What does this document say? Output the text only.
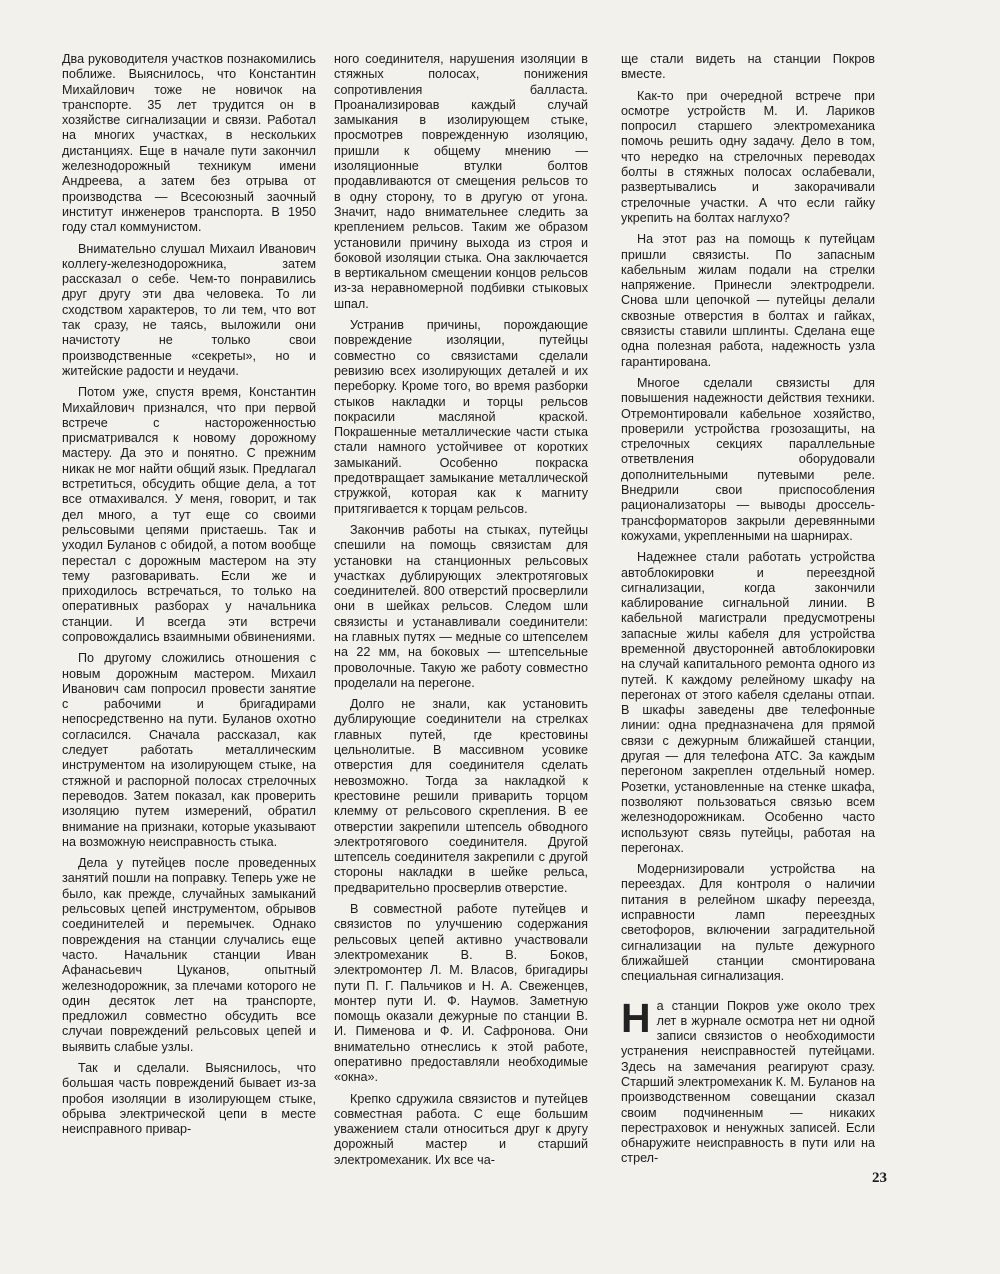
Два руководителя участков познакомились поближе. Выяснилось, что Константин Михайлович тоже не новичок на транспорте. 35 лет трудится он в хозяйстве сигнализации и связи. Работал на многих участках, в нескольких дистанциях. Еще в начале пути закончил железнодорожный техникум имени Андреева, а затем без отрыва от производства — Всесоюзный заочный институт инженеров транспорта. В 1950 году стал коммунистом.

Внимательно слушал Михаил Иванович коллегу-железнодорожника, затем рассказал о себе. Чем-то понравились друг другу эти два человека. То ли сходством характеров, то ли тем, что вот так сразу, не таясь, выложили они начистоту не только свои производственные «секреты», но и житейские радости и неудачи.

Потом уже, спустя время, Константин Михайлович признался, что при первой встрече с настороженностью присматривался к новому дорожному мастеру. Да это и понятно. С прежним никак не мог найти общий язык. Предлагал встретиться, обсудить общие дела, а тот все отмахивался. У меня, говорит, и так дел много, а тут еще со своими рельсовыми цепями пристаешь. Так и уходил Буланов с обидой, а потом вообще перестал с дорожным мастером на эту тему разговаривать. Если же и приходилось встречаться, то только на оперативных разборах у начальника станции. И всегда эти встречи сопровождались взаимными обвинениями.

По другому сложились отношения с новым дорожным мастером. Михаил Иванович сам попросил провести занятие с рабочими и бригадирами непосредственно на пути. Буланов охотно согласился. Сначала рассказал, как следует работать металлическим инструментом на изолирующем стыке, на стяжной и распорной полосах стрелочных переводов. Затем показал, как проверить изоляцию путем измерений, обратил внимание на признаки, которые указывают на возможную неисправность стыка.

Дела у путейцев после проведенных занятий пошли на поправку. Теперь уже не было, как прежде, случайных замыканий рельсовых цепей инструментом, обрывов соединителей и перемычек. Однако повреждения на станции случались еще часто. Начальник станции Иван Афанасьевич Цуканов, опытный железнодорожник, за плечами которого не один десяток лет на транспорте, предложил совместно обсудить все случаи повреждений рельсовых цепей и выявить слабые узлы.

Так и сделали. Выяснилось, что большая часть повреждений бывает из-за пробоя изоляции в изолирующем стыке, обрыва электрической цепи в месте неисправного привар-

ного соединителя, нарушения изоляции в стяжных полосах, понижения сопротивления балласта. Проанализировав каждый случай замыкания в изолирующем стыке, просмотрев поврежденную изоляцию, пришли к общему мнению — изоляционные втулки болтов продавливаются от смещения рельсов то в одну сторону, то в другую от угона. Значит, надо внимательнее следить за креплением рельсов. Таким же образом установили причину выхода из строя и боковой изоляции стыка. Она заключается в вертикальном смещении концов рельсов из-за неравномерной подбивки стыковых шпал.

Устранив причины, порождающие повреждение изоляции, путейцы совместно со связистами сделали ревизию всех изолирующих деталей и их переборку. Кроме того, во время разборки стыков накладки и торцы рельсов покрасили масляной краской. Покрашенные металлические части стыка стали намного устойчивее от коротких замыканий. Особенно покраска предотвращает замыкание металлической стружкой, которая как к магниту притягивается к торцам рельсов.

Закончив работы на стыках, путейцы спешили на помощь связистам для установки на станционных рельсовых участках дублирующих электротяговых соединителей. 800 отверстий просверлили они в шейках рельсов. Следом шли связисты и устанавливали соединители: на главных путях — медные со штепселем на 22 мм, на боковых — штепсельные проволочные. Такую же работу совместно проделали на перегоне.

Долго не знали, как установить дублирующие соединители на стрелках главных путей, где крестовины цельнолитые. В массивном усовике отверстия для соединителя сделать невозможно. Тогда за накладкой к крестовине решили приварить торцом клемму от рельсового скрепления. В ее отверстии закрепили штепсель обводного электротягового соединителя. Другой штепсель соединителя закрепили с другой стороны накладки в шейке рельса, предварительно просверлив отверстие.

В совместной работе путейцев и связистов по улучшению содержания рельсовых цепей активно участвовали электромеханик В. В. Боков, электромонтер Л. М. Власов, бригадиры пути П. Г. Пальчиков и Н. А. Свеженцев, монтер пути И. Ф. Наумов. Заметную помощь оказали дежурные по станции В. И. Пименова и Ф. И. Сафронова. Они внимательно отнеслись к этой работе, оперативно предоставляли необходимые «окна».

Крепко сдружила связистов и путейцев совместная работа. С еще большим уважением стали относиться друг к другу дорожный мастер и старший электромеханик. Их все ча-

ще стали видеть на станции Покров вместе.

Как-то при очередной встрече при осмотре устройств М. И. Лариков попросил старшего электромеханика помочь решить одну задачу. Дело в том, что нередко на стрелочных переводах болты в стяжных полосах ослабевали, развертывались и закорачивали стрелочные участки. А что если гайку укрепить на болтах наглухо?

На этот раз на помощь к путейцам пришли связисты. По запасным кабельным жилам подали на стрелки напряжение. Принесли электродрели. Снова шли цепочкой — путейцы делали сквозные отверстия в болтах и гайках, связисты ставили шплинты. Сделана еще одна полезная работа, надежность узла гарантирована.

Многое сделали связисты для повышения надежности действия техники. Отремонтировали кабельное хозяйство, проверили устройства грозозащиты, на стрелочных секциях параллельные ответвления оборудовали дополнительными путевыми реле. Внедрили свои приспособления рационализаторы — выводы дроссель-трансформаторов закрыли деревянными кожухами, укрепленными на шарнирах.

Надежнее стали работать устройства автоблокировки и переездной сигнализации, когда закончили каблирование сигнальной линии. В кабельной магистрали предусмотрены запасные жилы кабеля для устройства временной двусторонней автоблокировки на случай капитального ремонта одного из путей. К каждому релейному шкафу на перегонах от этого кабеля сделаны отпаи. В шкафы заведены две телефонные линии: одна предназначена для прямой связи с дежурным ближайшей станции, другая — для телефона АТС. За каждым перегоном закреплен отдельный номер. Розетки, установленные на стенке шкафа, позволяют пользоваться связью всем железнодорожникам. Особенно часто используют связь путейцы, работая на перегонах.

Модернизировали устройства на переездах. Для контроля о наличии питания в релейном шкафу переезда, исправности ламп переездных светофоров, включении заградительной сигнализации на пульте дежурного ближайшей станции смонтирована специальная сигнализация.

На станции Покров уже около трех лет в журнале осмотра нет ни одной записи связистов о необходимости устранения неисправностей путейцами. Здесь на замечания реагируют сразу. Старший электромеханик К. М. Буланов на производственном совещании сказал своим подчиненным — никаких перестраховок и ненужных записей. Если обнаружите неисправность в пути или на стрел-

23
